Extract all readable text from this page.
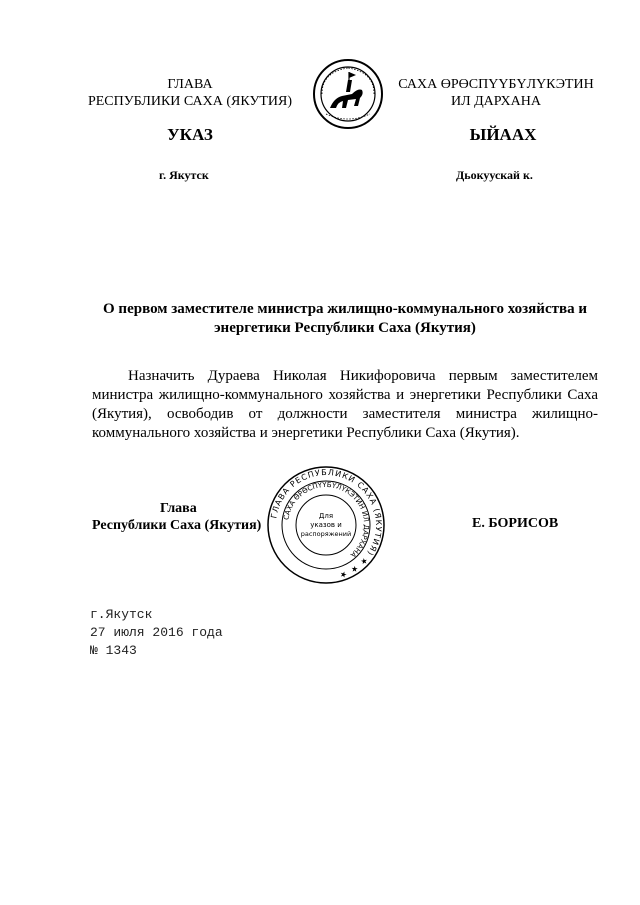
ГЛАВА
РЕСПУБЛИКИ САХА (ЯКУТИЯ)
САХА ӨРӨСПҮҮБҮЛҮКЭТИН
ИЛ ДАРХАНА
УКАЗ	ЫЙААХ
г. Якутск	Дьокуускай к.
О первом заместителе министра жилищно-коммунального хозяйства и энергетики Республики Саха (Якутия)
Назначить Дураева Николая Никифоровича первым заместителем министра жилищно-коммунального хозяйства и энергетики Республики Саха (Якутия), освободив от должности заместителя министра жилищно-коммунального хозяйства и энергетики Республики Саха (Якутия).
Глава
Республики Саха (Якутия)
ГЛАВА РЕСПУБЛИКИ САХА (ЯКУТИЯ) ★ ★ ★
САХА ӨРӨСПҮҮБҮЛҮКЭТИН ИЛ ДАРХАНА
Для
указов и
распоряжений
Е. БОРИСОВ
г.Якутск
27 июля 2016 года
№ 1343
